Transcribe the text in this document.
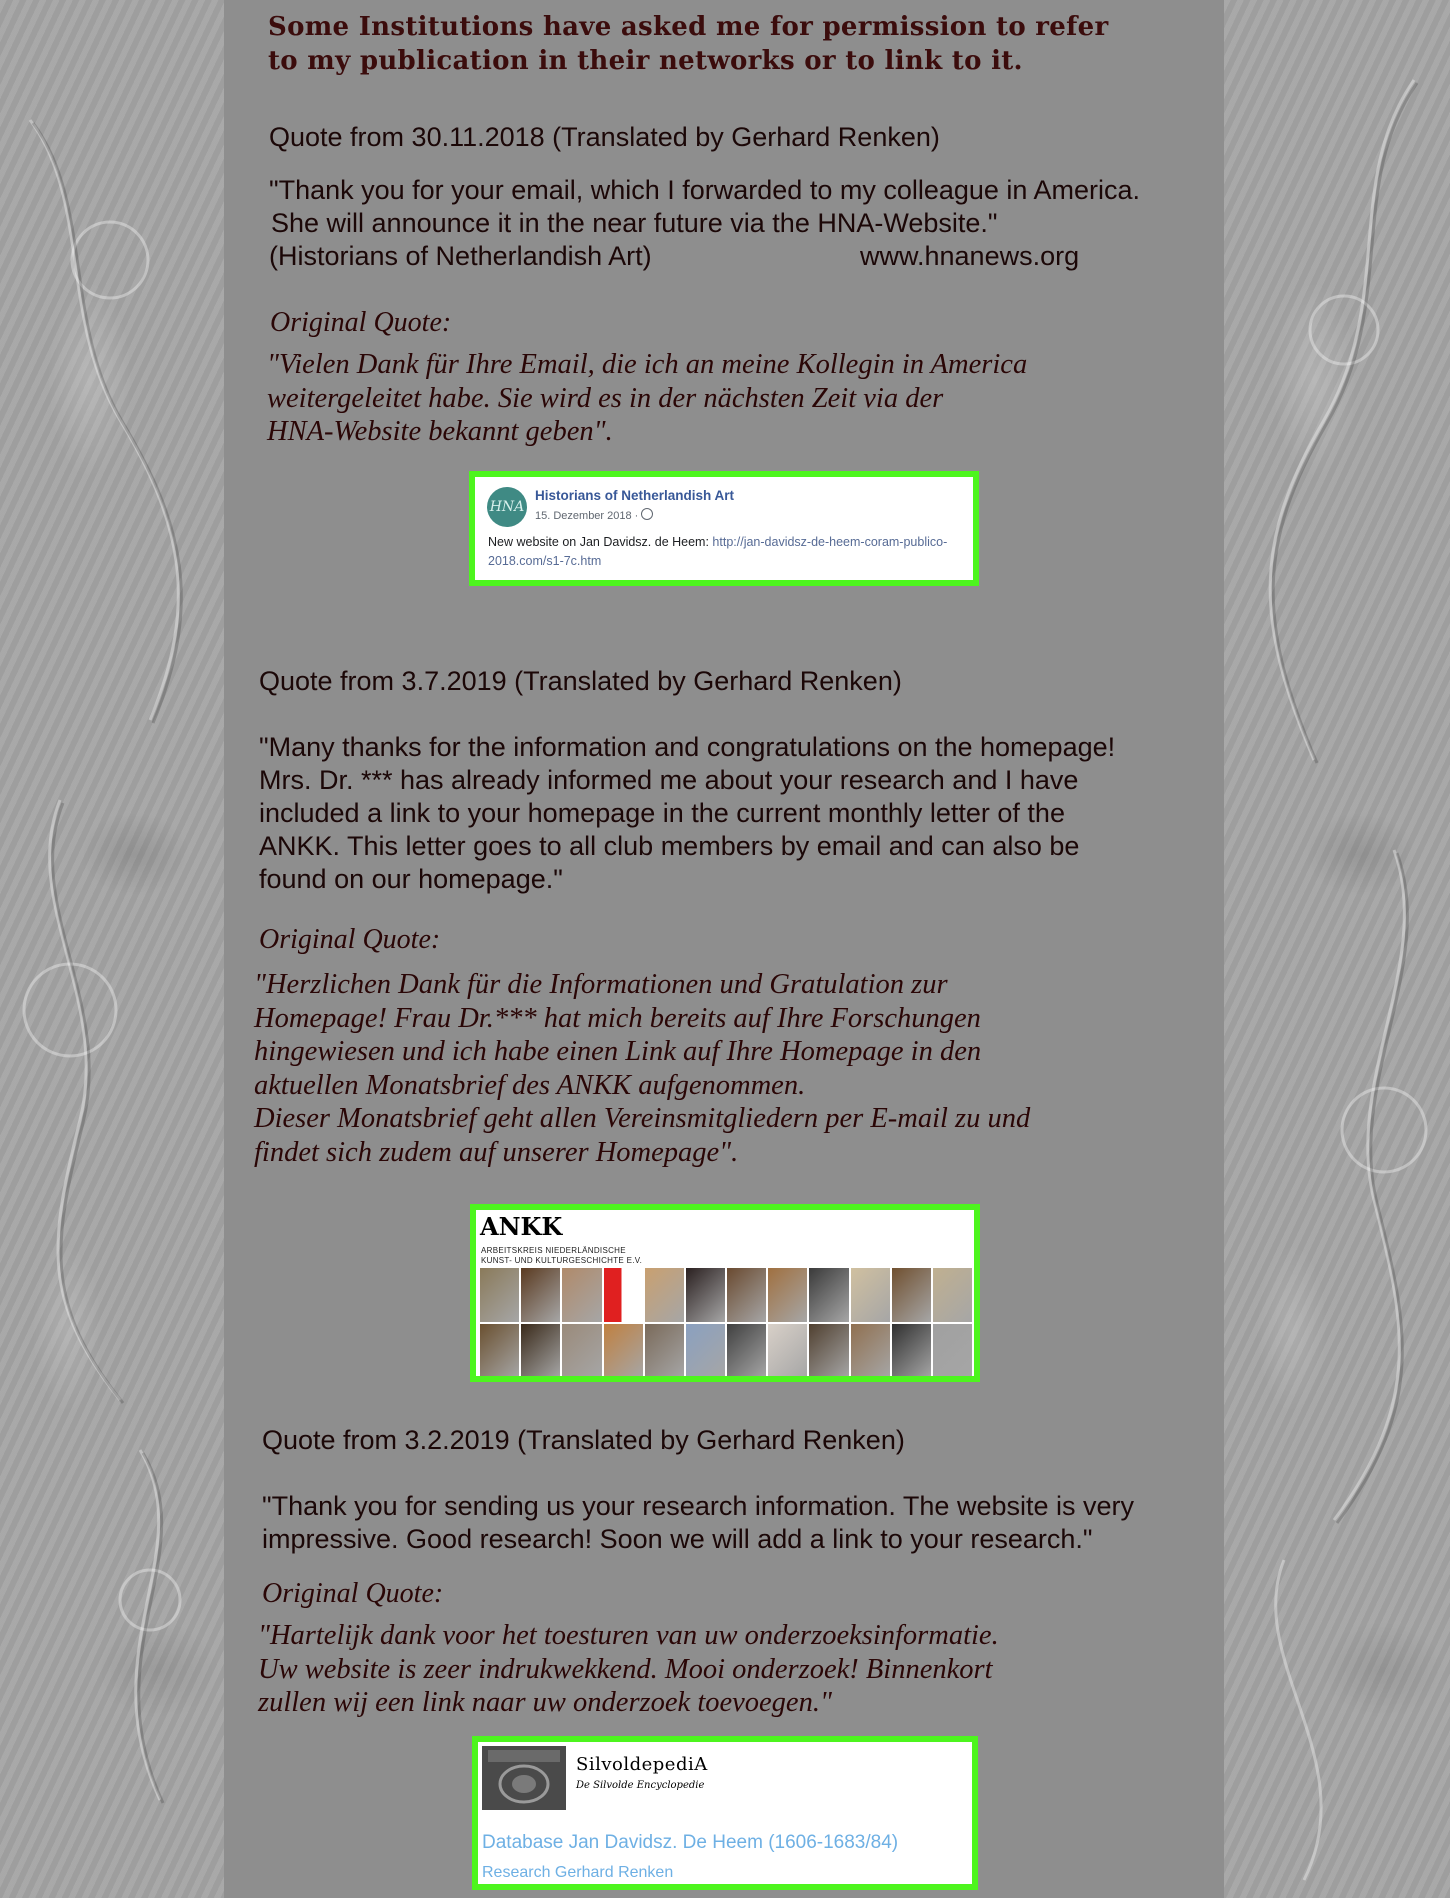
Some Institutions have asked me for permission to refer
to my publication in their networks or to link to it.
Quote from 30.11.2018 (Translated by Gerhard Renken)
"Thank you for your email, which I forwarded to my colleague in America.
She will announce it in the near future via the HNA-Website."
(Historians of Netherlandish Art)	www.hnanews.org
Original Quote:
"Vielen Dank für Ihre Email, die ich an meine Kollegin in America
weitergeleitet habe. Sie wird es in der nächsten Zeit via der
HNA-Website bekannt geben".
HNA
Historians of Netherlandish Art
15. Dezember 2018 ·
New website on Jan Davidsz. de Heem: http://jan-davidsz-de-heem-coram-publico-2018.com/s1-7c.htm
Quote from 3.7.2019 (Translated by Gerhard Renken)
"Many thanks for the information and congratulations on the homepage!
Mrs. Dr. *** has already informed me about your research and I have
included a link to your homepage in the current monthly letter of the
ANKK. This letter goes to all club members by email and can also be
found on our homepage."
Original Quote:
"Herzlichen Dank für die Informationen und Gratulation zur
Homepage! Frau Dr.*** hat mich bereits auf Ihre Forschungen
hingewiesen und ich habe einen Link auf Ihre Homepage in den
aktuellen Monatsbrief des ANKK aufgenommen.
Dieser Monatsbrief geht allen Vereinsmitgliedern per E-mail zu und
findet sich zudem auf unserer Homepage".
ANKK
ARBEITSKREIS NIEDERLÄNDISCHE
KUNST- UND KULTURGESCHICHTE E.V.
Quote from 3.2.2019 (Translated by Gerhard Renken)
"Thank you for sending us your research information. The website is very
impressive. Good research! Soon we will add a link to your research."
Original Quote:
"Hartelijk dank voor het toesturen van uw onderzoeksinformatie.
Uw website is zeer indrukwekkend. Mooi onderzoek! Binnenkort
zullen wij een link naar uw onderzoek toevoegen."
SilvoldepediA
De Silvolde Encyclopedie
Database Jan Davidsz. De Heem (1606-1683/84)
Research Gerhard Renken
